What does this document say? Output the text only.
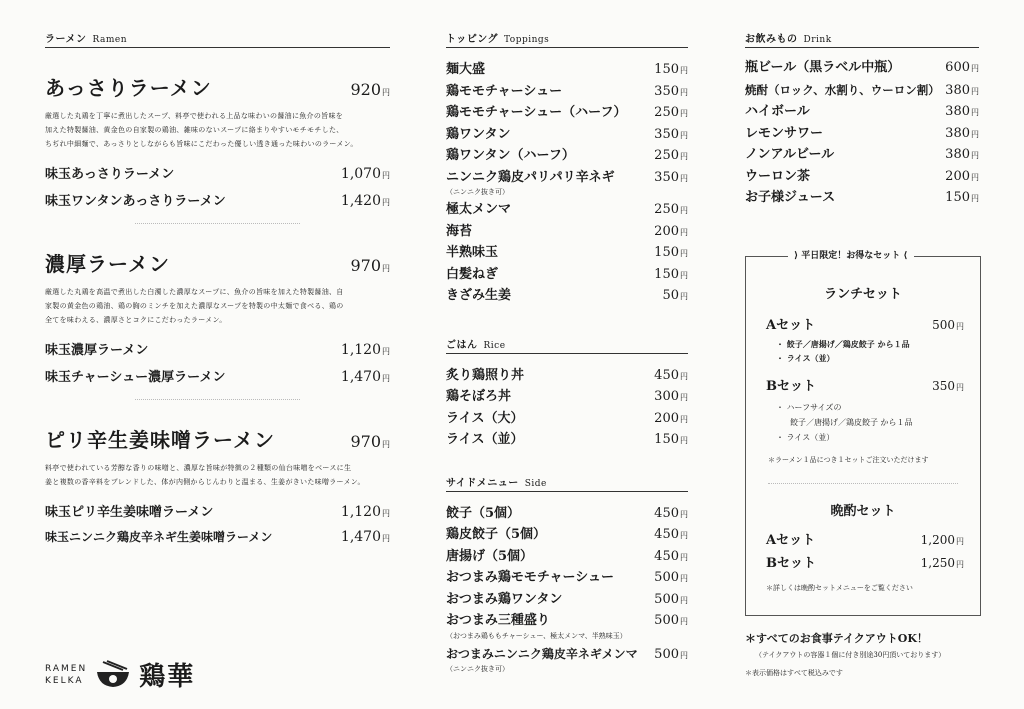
ラーメン Ramen
あっさりラーメン	920円
厳選した丸鶏を丁寧に煮出したスープ、料亭で使われる上品な味わいの醤油に魚介の旨味を
加えた特製醤油、黄金色の自家製の鶏油、雑味のないスープに絡まりやすいモチモチした、
ちぢれ中細麺で、あっさりとしながらも旨味にこだわった優しい透き通った味わいのラーメン。
味玉あっさりラーメン	1,070円
味玉ワンタンあっさりラーメン	1,420円
濃厚ラーメン	970円
厳選した丸鶏を高温で煮出した白濁した濃厚なスープに、魚介の旨味を加えた特製醤油、自
家製の黄金色の鶏油、鶏の胸のミンチを加えた濃厚なスープを特製の中太麺で食べる、鶏の
全てを味わえる、濃厚さとコクにこだわったラーメン。
味玉濃厚ラーメン	1,120円
味玉チャーシュー濃厚ラーメン	1,470円
ピリ辛生姜味噌ラーメン	970円
料亭で使われている芳醇な香りの味噌と、濃厚な旨味が特徴の２種類の仙台味噌をベースに生
姜と複数の香辛料をブレンドした、体が内側からじんわりと温まる、生姜がきいた味噌ラーメン。
味玉ピリ辛生姜味噌ラーメン	1,120円
味玉ニンニク鶏皮辛ネギ生姜味噌ラーメン	1,470円
RAMEN
KELKA 鶏華
トッピング Toppings
麺大盛	150円
鶏モモチャーシュー	350円
鶏モモチャーシュー（ハーフ） 250円
鶏ワンタン	350円
鶏ワンタン（ハーフ）	250円
ニンニク鶏皮パリパリ辛ネギ	350円
（ニンニク抜き可）
極太メンマ	250円
海苔	200円
半熟味玉	150円
白髪ねぎ	150円
きざみ生姜	50円
ごはん Rice
炙り鶏照り丼	450円
鶏そぼろ丼	300円
ライス（大）	200円
ライス（並）	150円
サイドメニュー Side
餃子（5個）	450円
鶏皮餃子（5個）	450円
唐揚げ（5個）	450円
おつまみ鶏モモチャーシュー	500円
おつまみ鶏ワンタン	500円
おつまみ三種盛り	500円
（おつまみ鶏ももチャーシュー、極太メンマ、半熟味玉）
おつまみニンニク鶏皮辛ネギメンマ 500円
（ニンニク抜き可）
お飲みもの Drink
瓶ビール（黒ラベル中瓶）	600円
焼酎（ロック、水割り、ウーロン割） 380円
ハイボール	380円
レモンサワー	380円
ノンアルビール	380円
ウーロン茶	200円
お子様ジュース	150円
⟩ 平日限定！お得なセット ⟨
ランチセット
Aセット	500円
・ 餃子／唐揚げ／鶏皮餃子 から１品
・ ライス（並）
Bセット	350円
・ ハーフサイズの
餃子／唐揚げ／鶏皮餃子 から１品
・ ライス（並）
＊ラーメン１品につき１セットご注文いただけます
晩酌セット
Aセット	1,200円
Bセット	1,250円
＊詳しくは晩酌セットメニューをご覧ください
＊すべてのお食事テイクアウトOK！
（テイクアウトの容器１個に付き別途30円頂いております）
＊表示価格はすべて税込みです
